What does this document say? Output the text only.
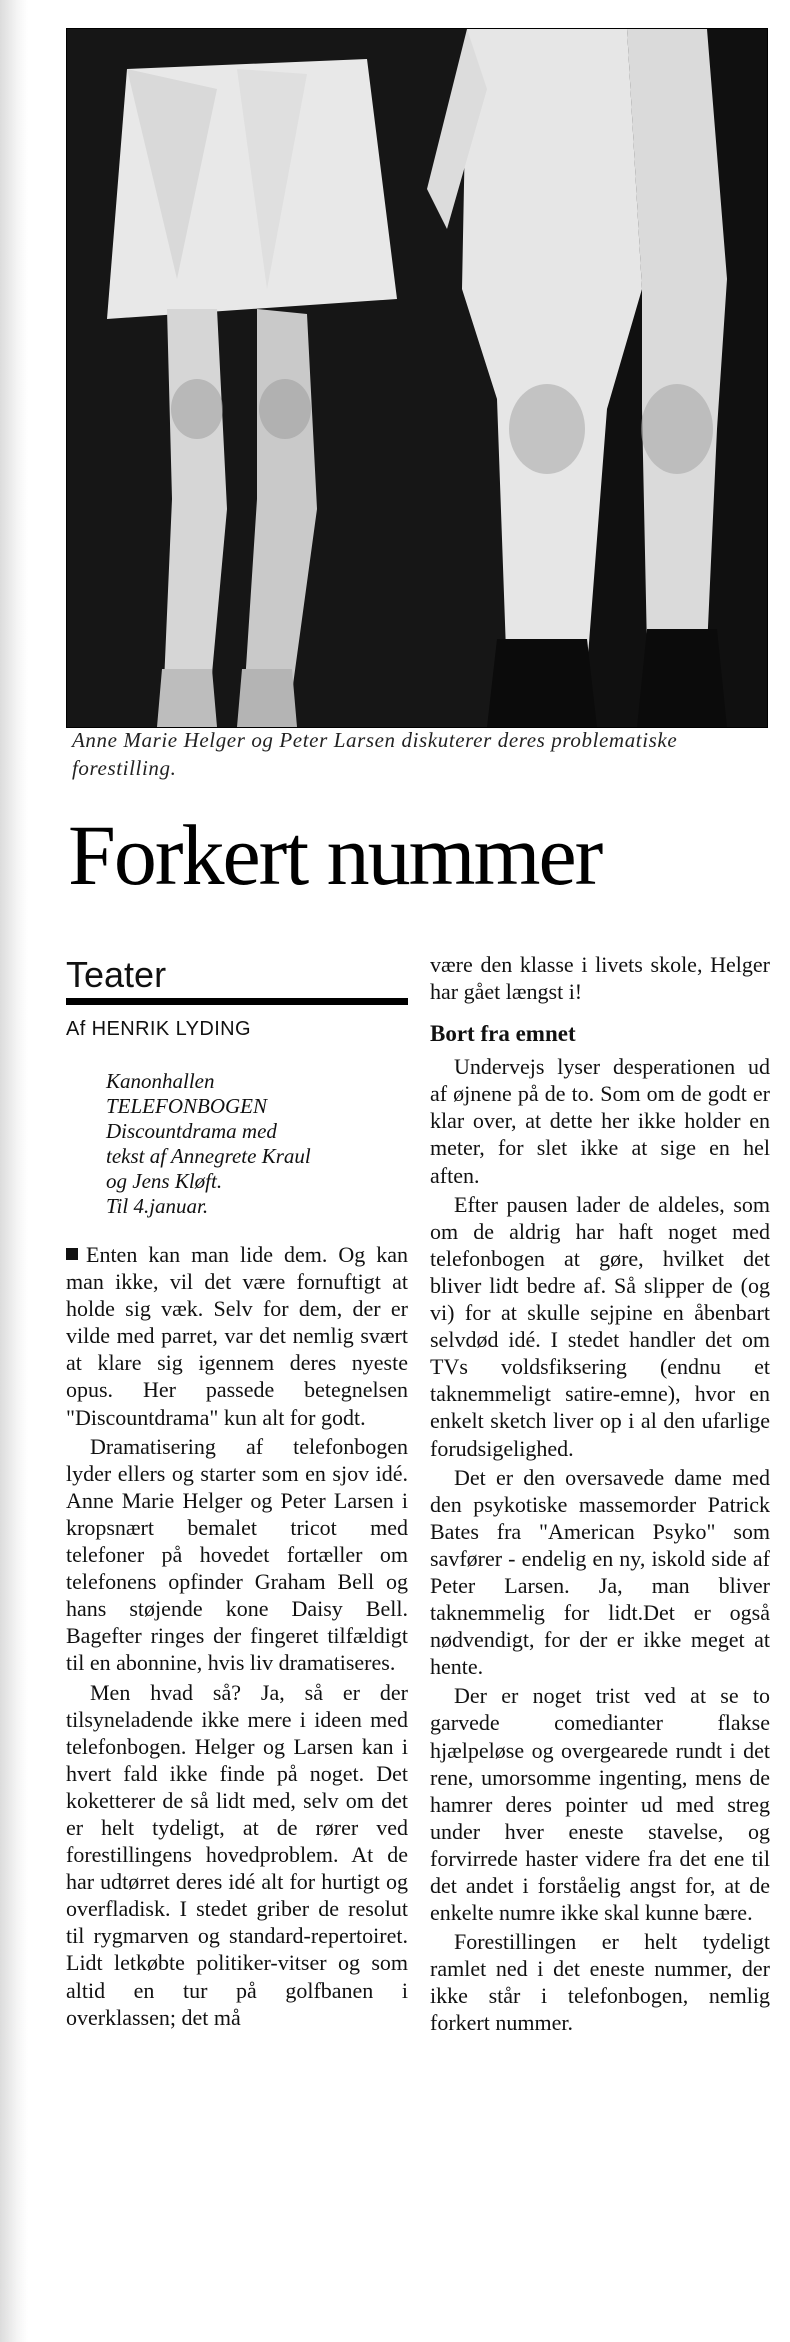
Anne Marie Helger og Peter Larsen diskuterer deres problematiske forestilling.
Forkert nummer
Teater
Af HENRIK LYDING
Kanonhallen
TELEFONBOGEN
Discountdrama med
tekst af Annegrete Kraul
og Jens Kløft.
Til 4.januar.

Enten kan man lide dem. Og kan man ikke, vil det være fornuftigt at holde sig væk. Selv for dem, der er vilde med parret, var det nemlig svært at klare sig igennem deres nyeste opus. Her passede betegnelsen "Discountdrama" kun alt for godt.

Dramatisering af telefonbogen lyder ellers og starter som en sjov idé. Anne Marie Helger og Peter Larsen i kropsnært bemalet tricot med telefoner på hovedet fortæller om telefonens opfinder Graham Bell og hans støjende kone Daisy Bell. Bagefter ringes der fingeret tilfældigt til en abonnine, hvis liv dramatiseres.

Men hvad så? Ja, så er der tilsyneladende ikke mere i ideen med telefonbogen. Helger og Larsen kan i hvert fald ikke finde på noget. Det koketterer de så lidt med, selv om det er helt tydeligt, at de rører ved forestillingens hovedproblem. At de har udtørret deres idé alt for hurtigt og overfladisk. I stedet griber de resolut til rygmarven og standard-repertoiret. Lidt letkøbte politiker-vitser og som altid en tur på golfbanen i overklassen; det må

være den klasse i livets skole, Helger har gået længst i!

Bort fra emnet

Undervejs lyser desperationen ud af øjnene på de to. Som om de godt er klar over, at dette her ikke holder en meter, for slet ikke at sige en hel aften.

Efter pausen lader de aldeles, som om de aldrig har haft noget med telefonbogen at gøre, hvilket det bliver lidt bedre af. Så slipper de (og vi) for at skulle sejpine en åbenbart selvdød idé. I stedet handler det om TVs voldsfiksering (endnu et taknemmeligt satire-emne), hvor en enkelt sketch liver op i al den ufarlige forudsigelighed.

Det er den oversavede dame med den psykotiske massemorder Patrick Bates fra "American Psyko" som savfører - endelig en ny, iskold side af Peter Larsen. Ja, man bliver taknemmelig for lidt.Det er også nødvendigt, for der er ikke meget at hente.

Der er noget trist ved at se to garvede comedianter flakse hjælpeløse og overgearede rundt i det rene, umorsomme ingenting, mens de hamrer deres pointer ud med streg under hver eneste stavelse, og forvirrede haster videre fra det ene til det andet i forståelig angst for, at de enkelte numre ikke skal kunne bære.

Forestillingen er helt tydeligt ramlet ned i det eneste nummer, der ikke står i telefonbogen, nemlig forkert nummer.
